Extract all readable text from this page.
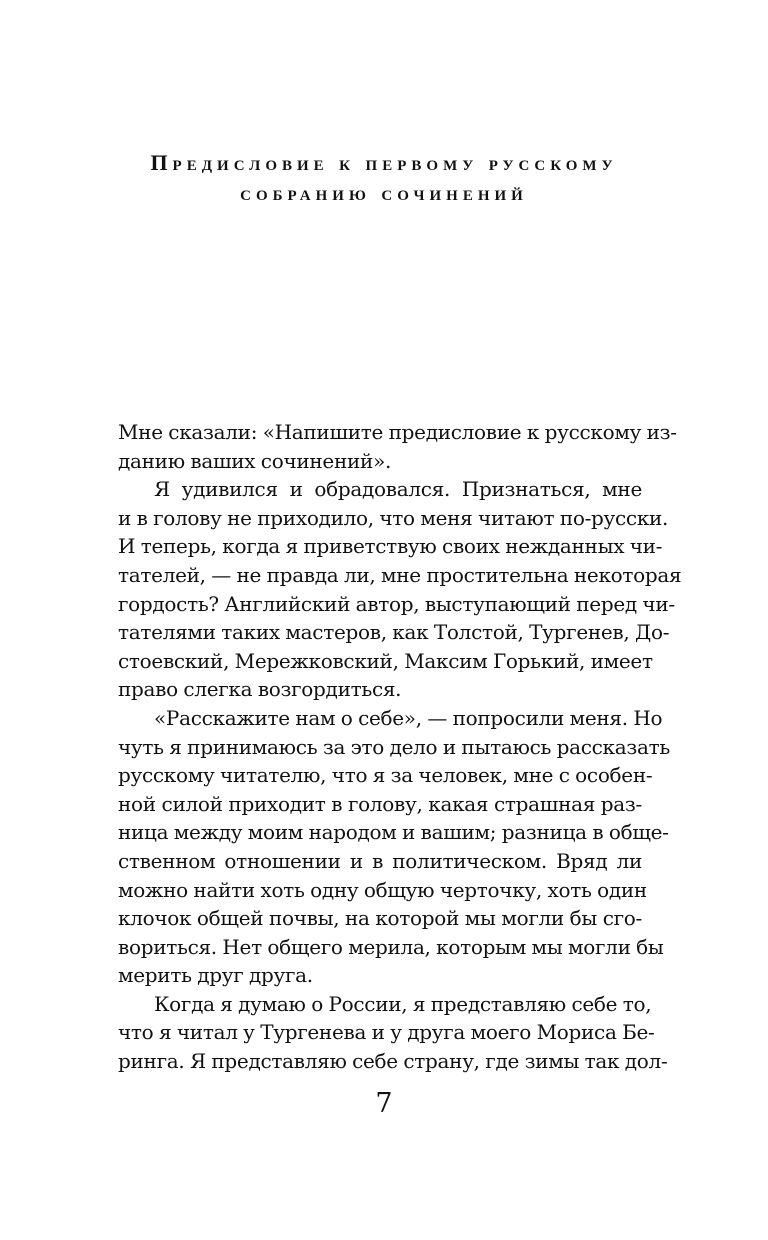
Предисловие к первому русскому
собранию сочинений

Мне сказали: «Напишите предисловие к русскому из-
данию ваших сочинений».

Я удивился и обрадовался. Признаться, мне
и в голову не приходило, что меня читают по-русски.
И теперь, когда я приветствую своих нежданных чи-
тателей, — не правда ли, мне простительна некоторая
гордость? Английский автор, выступающий перед чи-
тателями таких мастеров, как Толстой, Тургенев, До-
стоевский, Мережковский, Максим Горький, имеет
право слегка возгордиться.

«Расскажите нам о себе», — попросили меня. Но
чуть я принимаюсь за это дело и пытаюсь рассказать
русскому читателю, что я за человек, мне с особен-
ной силой приходит в голову, какая страшная раз-
ница между моим народом и вашим; разница в обще-
ственном отношении и в политическом. Вряд ли
можно найти хоть одну общую черточку, хоть один
клочок общей почвы, на которой мы могли бы сго-
вориться. Нет общего мерила, которым мы могли бы
мерить друг друга.

Когда я думаю о России, я представляю себе то,
что я читал у Тургенева и у друга моего Мориса Бе-
ринга. Я представляю себе страну, где зимы так дол-

7
